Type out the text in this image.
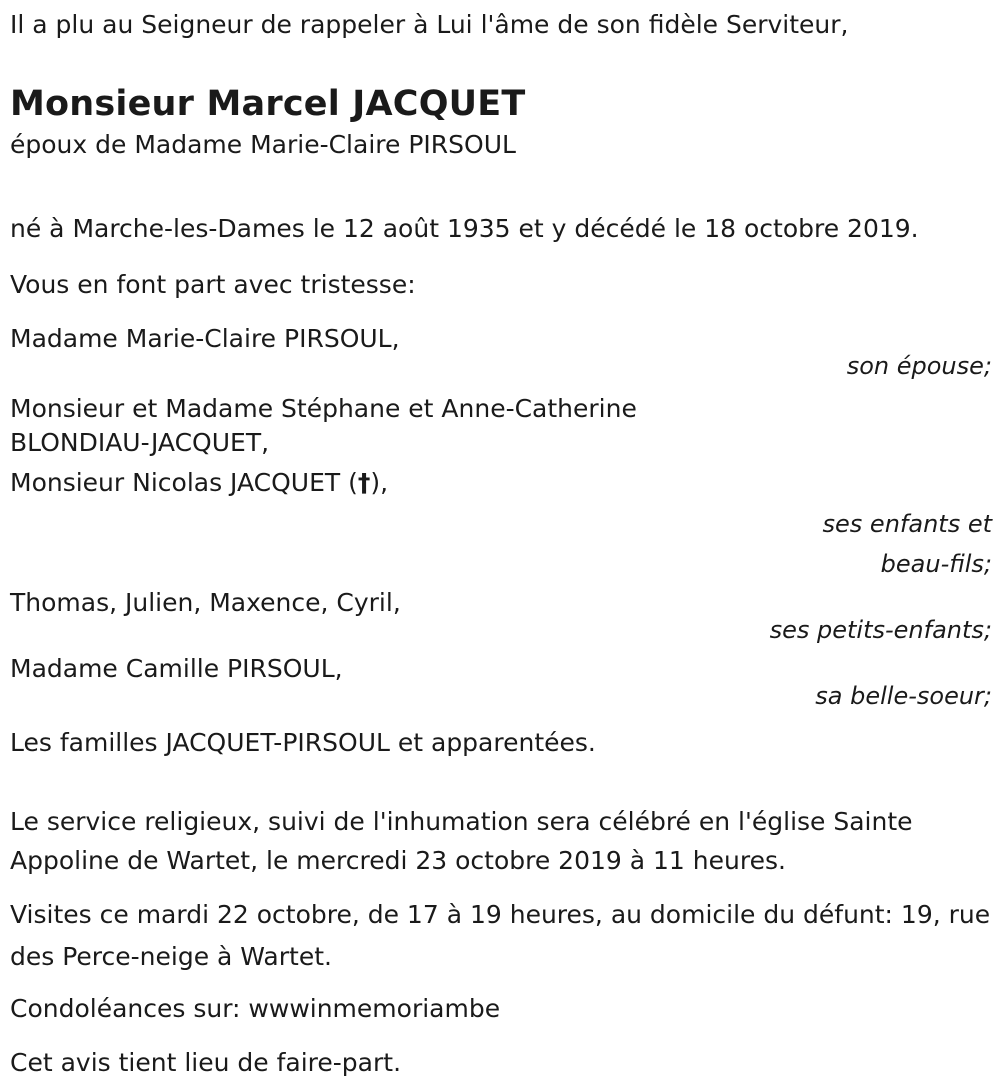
Il a plu au Seigneur de rappeler à Lui l'âme de son fidèle Serviteur,

Monsieur Marcel JACQUET

époux de Madame Marie-Claire PIRSOUL

né à Marche-les-Dames le 12 août 1935 et y décédé le 18 octobre 2019.

Vous en font part avec tristesse:

Madame Marie-Claire PIRSOUL,

son épouse;

Monsieur et Madame Stéphane et Anne-Catherine

BLONDIAU-JACQUET,

Monsieur Nicolas JACQUET (†),

ses enfants et

beau-fils;

Thomas, Julien, Maxence, Cyril,

ses petits-enfants;

Madame Camille PIRSOUL,

sa belle-soeur;

Les familles JACQUET-PIRSOUL et apparentées.

Le service religieux, suivi de l'inhumation sera célébré en l'église Sainte Appoline de Wartet, le mercredi 23 octobre 2019 à 11 heures.

Visites ce mardi 22 octobre, de 17 à 19 heures, au domicile du défunt: 19, rue des Perce-neige à Wartet.

Condoléances sur: wwwinmemoriambe

Cet avis tient lieu de faire-part.
